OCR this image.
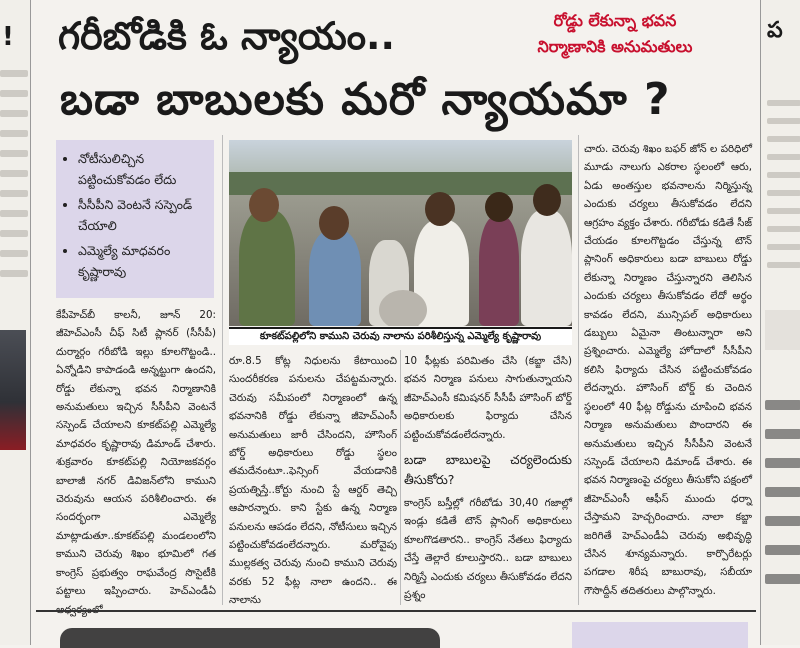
!	ప
గరీబోడికి ఓ న్యాయం..	రోడ్డు లేకున్నా భవన
నిర్మాణానికి అనుమతులు
బడా బాబులకు మరో న్యాయమా ?
• నోటీసులిచ్చిన పట్టించుకోవడం లేదు
• సీసీపీని వెంటనే సస్పెండ్ చేయాలి
• ఎమ్మెల్యే మాధవరం కృష్ణారావు
కేపీహెచ్‌బీ కాలనీ, జూన్ 20: జీహెచ్‌ఎంసీ చీఫ్ సిటీ ప్లానర్ (సీసీపీ) దుర్మార్గం గరీబోడి ఇల్లు కూలగొట్టండి.. ఏన్నోడిని కాపాడండి అన్నట్టుగా ఉందని, రోడ్డు లేకున్నా భవన నిర్మాణానికి అనుమతులు ఇచ్చిన సీసీపీని వెంటనే సస్పెండ్ చేయాలని కూకట్‌పల్లి ఎమ్మెల్యే మాధవరం కృష్ణారావు డిమాండ్ చేశారు. శుక్రవారం కూకట్‌పల్లి నియోజకవర్గం బాలాజీ నగర్ డివిజన్‌లోని కాముని చెరువును ఆయన పరిశీలించారు. ఈ సందర్భంగా ఎమ్మెల్యే మాట్లాడుతూ..కూకట్‌పల్లి మండలంలోని కాముని చెరువు శిఖం భూమిలో గత కాంగ్రెస్ ప్రభుత్వం రాఘవేంద్ర సొసైటీకి పట్టాలు ఇప్పించారు. హెచ్‌ఎండీఏ
కూకట్‌పల్లిలోని కాముని చెరువు నాలాను పరిశీలిస్తున్న ఎమ్మెల్యే కృష్ణారావు
రూ.8.5 కోట్ల నిధులను కేటాయించి సుందరీకరణ పనులను చేపట్టమన్నారు. చెరువు సమీపంలో నిర్మాణంలో ఉన్న భవనానికి రోడ్డు లేకున్నా జీహెచ్‌ఎంసీ అనుమతులు జారీ చేసిందని, హౌసింగ్ బోర్డ్ అధికారులు రోడ్డు స్థలం తమదేనంటూ..ఫెన్సింగ్ వేయడానికి ప్రయత్నిస్తే..కోర్టు నుంచి స్టే ఆర్డర్ తెచ్చి ఆపారన్నారు. కాని స్టేకు ఉన్న నిర్మాణ పనులను ఆపడం లేదని, నోటీసులు ఇచ్చిన పట్టించుకోవడంలేదన్నారు. మరోవైపు ముల్లకత్వ చెరువు నుంచి కాముని చెరువు వరకు 52 ఫీట్ల నాలా ఉందని.. ఈ నాలాను
10 ఫీట్లకు పరిమితం చేసి (కబ్జా చేసి) భవన నిర్మాణ పనులు సాగుతున్నాయని జీహెచ్‌ఎంసీ కమిషనర్ సీసీపీ హౌసింగ్ బోర్డ్ అధికారులకు ఫిర్యాదు చేసిన పట్టించుకోవడంలేదన్నారు.
బడా బాబులపై చర్యలెందుకు తీసుకోరు?
కాంగ్రెస్ బస్తీల్లో గరీబోడు 30,40 గజాల్లో ఇండ్లు కడితే టౌన్ ప్లానింగ్ అధికారులు కూలగొడతారని.. కాంగ్రెస్ నేతలు ఫిర్యాదు చేస్తే తెల్లారే కూలుస్తారని.. బడా బాబులు నిర్మిస్తే ఎందుకు చర్యలు తీసుకోవడం లేదని ప్రశ్నం
చారు. చెరువు శిఖం బఫర్ జోన్ ల పరిధిలో మూడు నాలుగు ఎకరాల స్థలంలో ఆరు, ఏడు అంతస్తుల భవనాలను నిర్మిస్తున్న ఎందుకు చర్యలు తీసుకోవడం లేదని ఆగ్రహం వ్యక్తం చేశారు. గరీబోడు కడితే సీజ్ చేయడం కూలగొట్టడం చేస్తున్న టౌన్ ప్లానింగ్ అధికారులు బడా బాబులు రోడ్డు లేకున్నా నిర్మాణం చేస్తున్నారని తెలిసిన ఎందుకు చర్యలు తీసుకోవడం లేదో అర్థం కావడం లేదని, మున్సిపల్ అధికారులు డబ్బులు ఏమైనా తింటున్నారా అని ప్రశ్నించారు. ఎమ్మెల్యే హోదాలో సీసీపీని కలిసి ఫిర్యాదు చేసిన పట్టించుకోవడం లేదన్నారు. హౌసింగ్ బోర్డ్ కు చెందిన స్థలంలో 40 ఫీట్ల రోడ్డును చూపించి భవన నిర్మాణ అనుమతులు పొందారని ఈ అనుమతులు ఇచ్చిన సీసీపీని వెంటనే సస్పెండ్ చేయాలని డిమాండ్ చేశారు. ఈ భవన నిర్మాణంపై చర్యలు తీసుకోని పక్షంలో జీహెచ్‌ఎంసీ ఆఫీస్ ముందు ధర్నా చేస్తామని హెచ్చరించారు. నాలా కబ్జా జరిగితే హెచ్‌ఎండీఏ చెరువు అభివృద్ధి చేసిన శూన్యమన్నారు. కార్పొరేటర్లు పగడాల శిరీష బాబురావు, సబీయా గౌసొద్దీన్ తదితరులు పాల్గొన్నారు.
